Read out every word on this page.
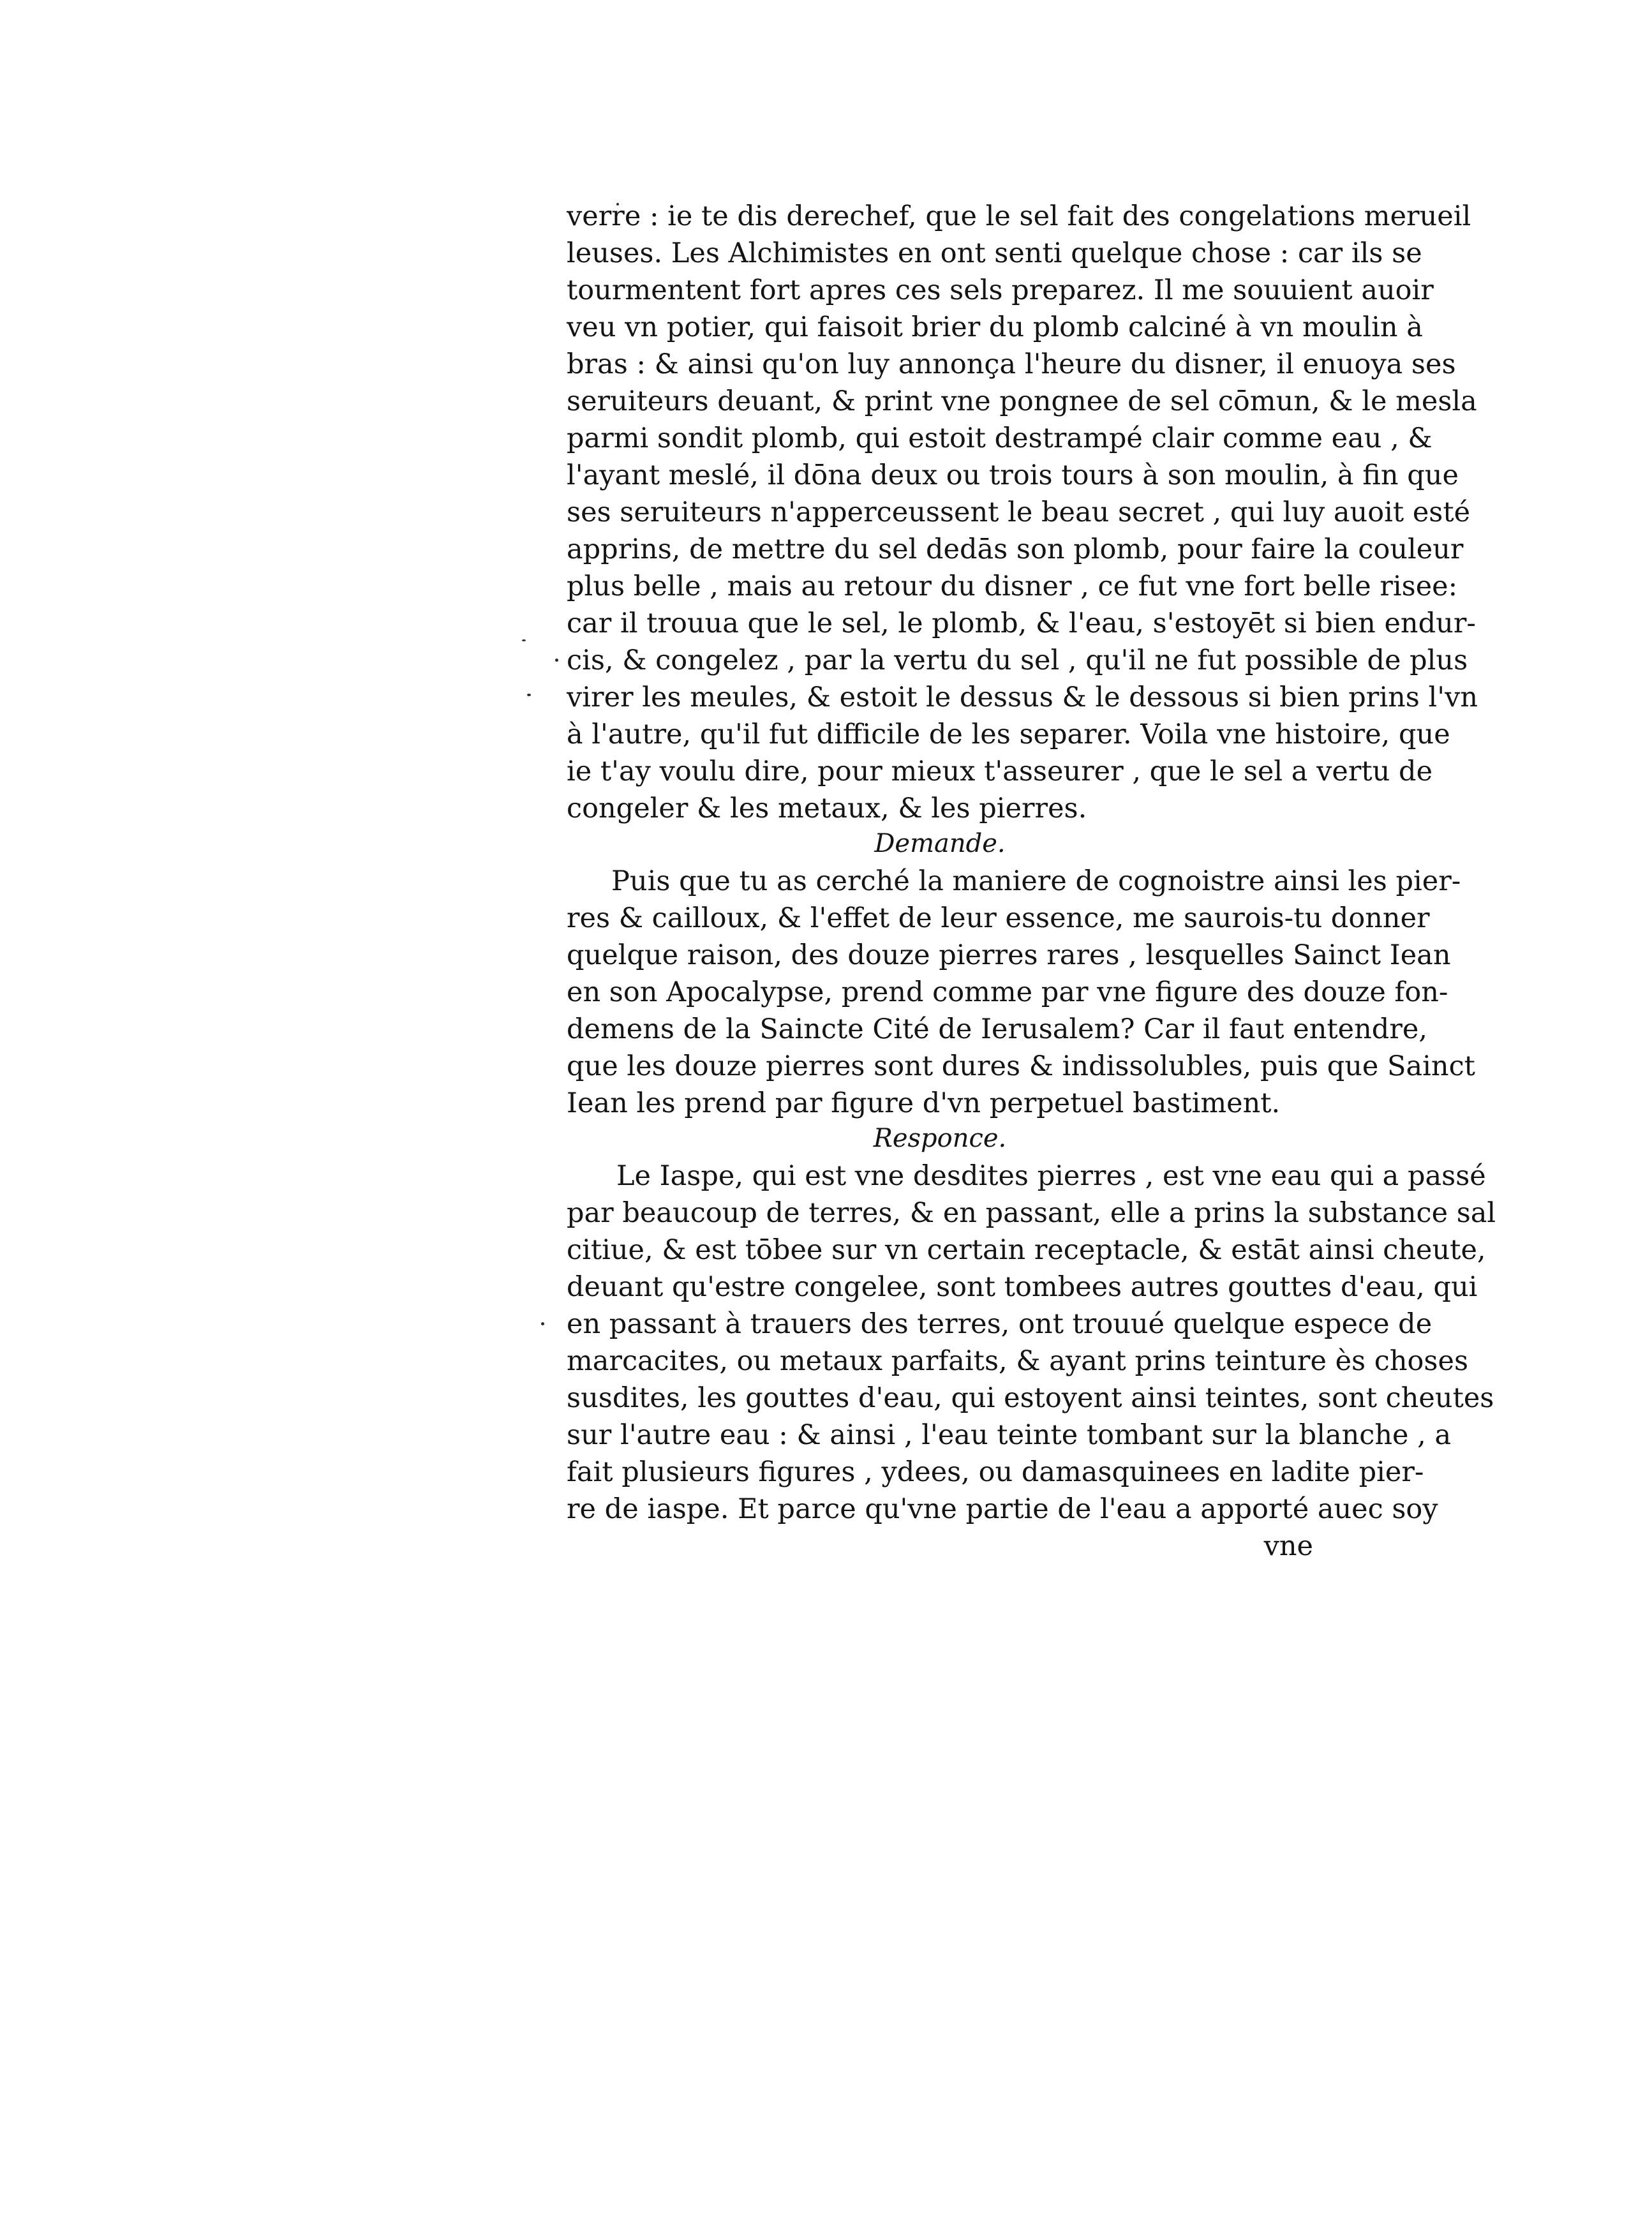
verre : ie te dis derechef, que le sel fait des congelations merueil
leuses. Les Alchimistes en ont senti quelque chose : car ils se
tourmentent fort apres ces sels preparez. Il me souuient auoir
veu vn potier, qui faisoit brier du plomb calciné à vn moulin à
bras : & ainsi qu'on luy annonça l'heure du disner, il enuoya ses
seruiteurs deuant, & print vne pongnee de sel cōmun, & le mesla
parmi sondit plomb, qui estoit destrampé clair comme eau , &
l'ayant meslé, il dōna deux ou trois tours à son moulin, à fin que
ses seruiteurs n'apperceussent le beau secret , qui luy auoit esté
apprins, de mettre du sel dedās son plomb, pour faire la couleur
plus belle , mais au retour du disner , ce fut vne fort belle risee:
car il trouua que le sel, le plomb, & l'eau, s'estoyēt si bien endur-
cis, & congelez , par la vertu du sel , qu'il ne fut possible de plus
virer les meules, & estoit le dessus & le dessous si bien prins l'vn
à l'autre, qu'il fut difficile de les separer. Voila vne histoire, que
ie t'ay voulu dire, pour mieux t'asseurer , que le sel a vertu de
congeler & les metaux, & les pierres.
Demande.
Puis que tu as cerché la maniere de cognoistre ainsi les pier-
res & cailloux, & l'effet de leur essence, me saurois-tu donner
quelque raison, des douze pierres rares , lesquelles Sainct Iean
en son Apocalypse, prend comme par vne figure des douze fon-
demens de la Saincte Cité de Ierusalem? Car il faut entendre,
que les douze pierres sont dures & indissolubles, puis que Sainct
Iean les prend par figure d'vn perpetuel bastiment.
Responce.
Le Iaspe, qui est vne desdites pierres , est vne eau qui a passé
par beaucoup de terres, & en passant, elle a prins la substance sal
citiue, & est tōbee sur vn certain receptacle, & estāt ainsi cheute,
deuant qu'estre congelee, sont tombees autres gouttes d'eau, qui
en passant à trauers des terres, ont trouué quelque espece de
marcacites, ou metaux parfaits, & ayant prins teinture ès choses
susdites, les gouttes d'eau, qui estoyent ainsi teintes, sont cheutes
sur l'autre eau : & ainsi , l'eau teinte tombant sur la blanche , a
fait plusieurs figures , ydees, ou damasquinees en ladite pier-
re de iaspe. Et parce qu'vne partie de l'eau a apporté auec soy
vne
